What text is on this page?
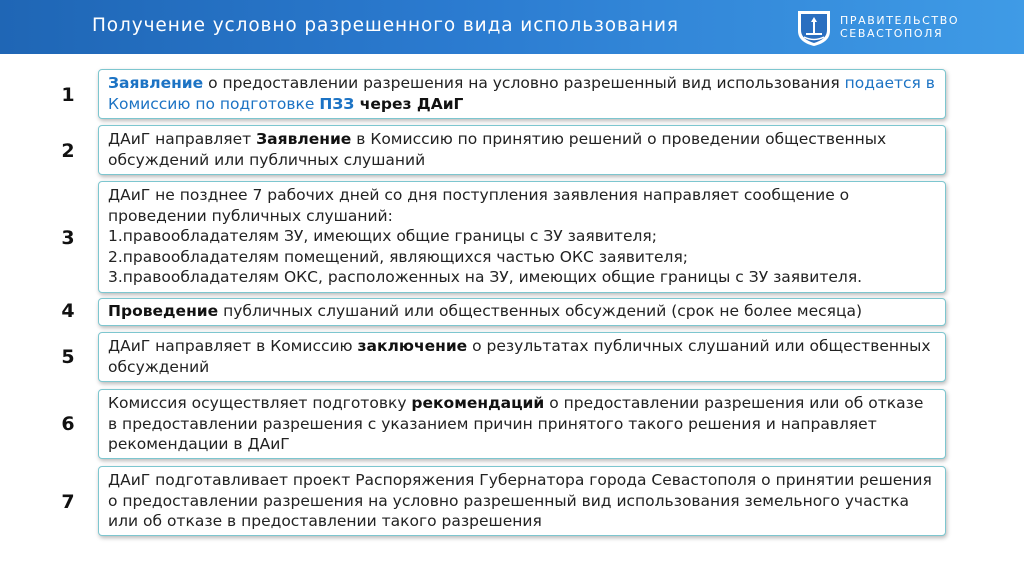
Получение условно разрешенного вида использования	ПРАВИТЕЛЬСТВО
СЕВАСТОПОЛЯ
1
Заявление о предоставлении разрешения на условно разрешенный вид использования подается в Комиссию по подготовке ПЗЗ через ДАиГ
2
ДАиГ направляет Заявление в Комиссию по принятию решений о проведении общественных обсуждений или публичных слушаний
3
ДАиГ не позднее 7 рабочих дней со дня поступления заявления направляет сообщение о проведении публичных слушаний:
1.правообладателям ЗУ, имеющих общие границы с ЗУ заявителя;
2.правообладателям помещений, являющихся частью ОКС заявителя;
3.правообладателям ОКС, расположенных на ЗУ, имеющих общие границы с ЗУ заявителя.
4	Проведение публичных слушаний или общественных обсуждений (срок не более месяца)
5	ДАиГ направляет в Комиссию заключение о результатах публичных слушаний или общественных обсуждений
6
Комиссия осуществляет подготовку рекомендаций о предоставлении разрешения или об отказе в предоставлении разрешения с указанием причин принятого такого решения и направляет рекомендации в ДАиГ
7
ДАиГ подготавливает проект Распоряжения Губернатора города Севастополя о принятии решения о предоставлении разрешения на условно разрешенный вид использования земельного участка или об отказе в предоставлении такого разрешения
